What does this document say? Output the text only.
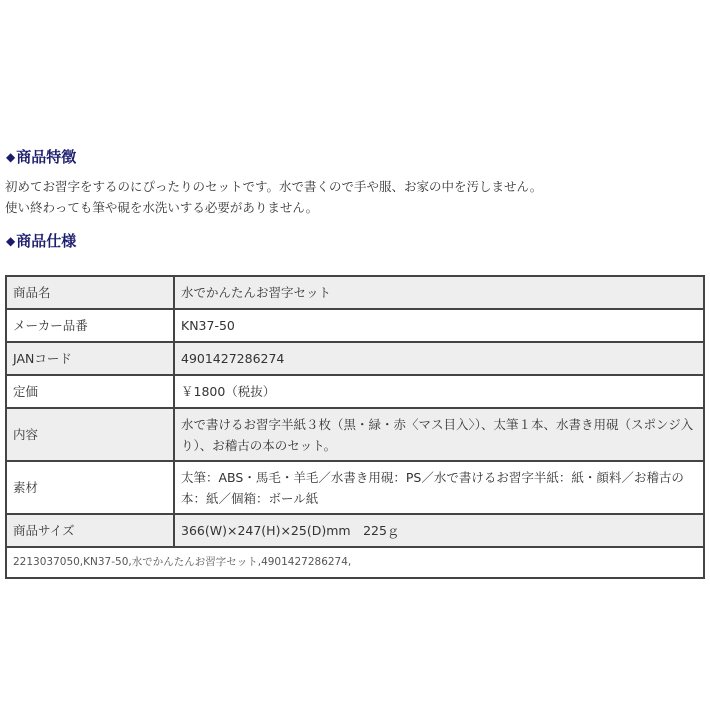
◆商品特徴
初めてお習字をするのにぴったりのセットです。水で書くので手や服、お家の中を汚しません。
使い終わっても筆や硯を水洗いする必要がありません。
◆商品仕様
商品名	水でかんたんお習字セット
メーカー品番	KN37-50
JANコード	4901427286274
定価	￥1800（税抜）
内容	水で書けるお習字半紙３枚（黒・緑・赤〈マス目入〉）、太筆１本、水書き用硯（スポンジ入り）、お稽古の本のセット。
素材	太筆：ABS・馬毛・羊毛／水書き用硯：PS／水で書けるお習字半紙：紙・顔料／お稽古の本：紙／個箱：ボール紙
商品サイズ	366(W)×247(H)×25(D)mm　225ｇ
2213037050,KN37-50,水でかんたんお習字セット,4901427286274,	
